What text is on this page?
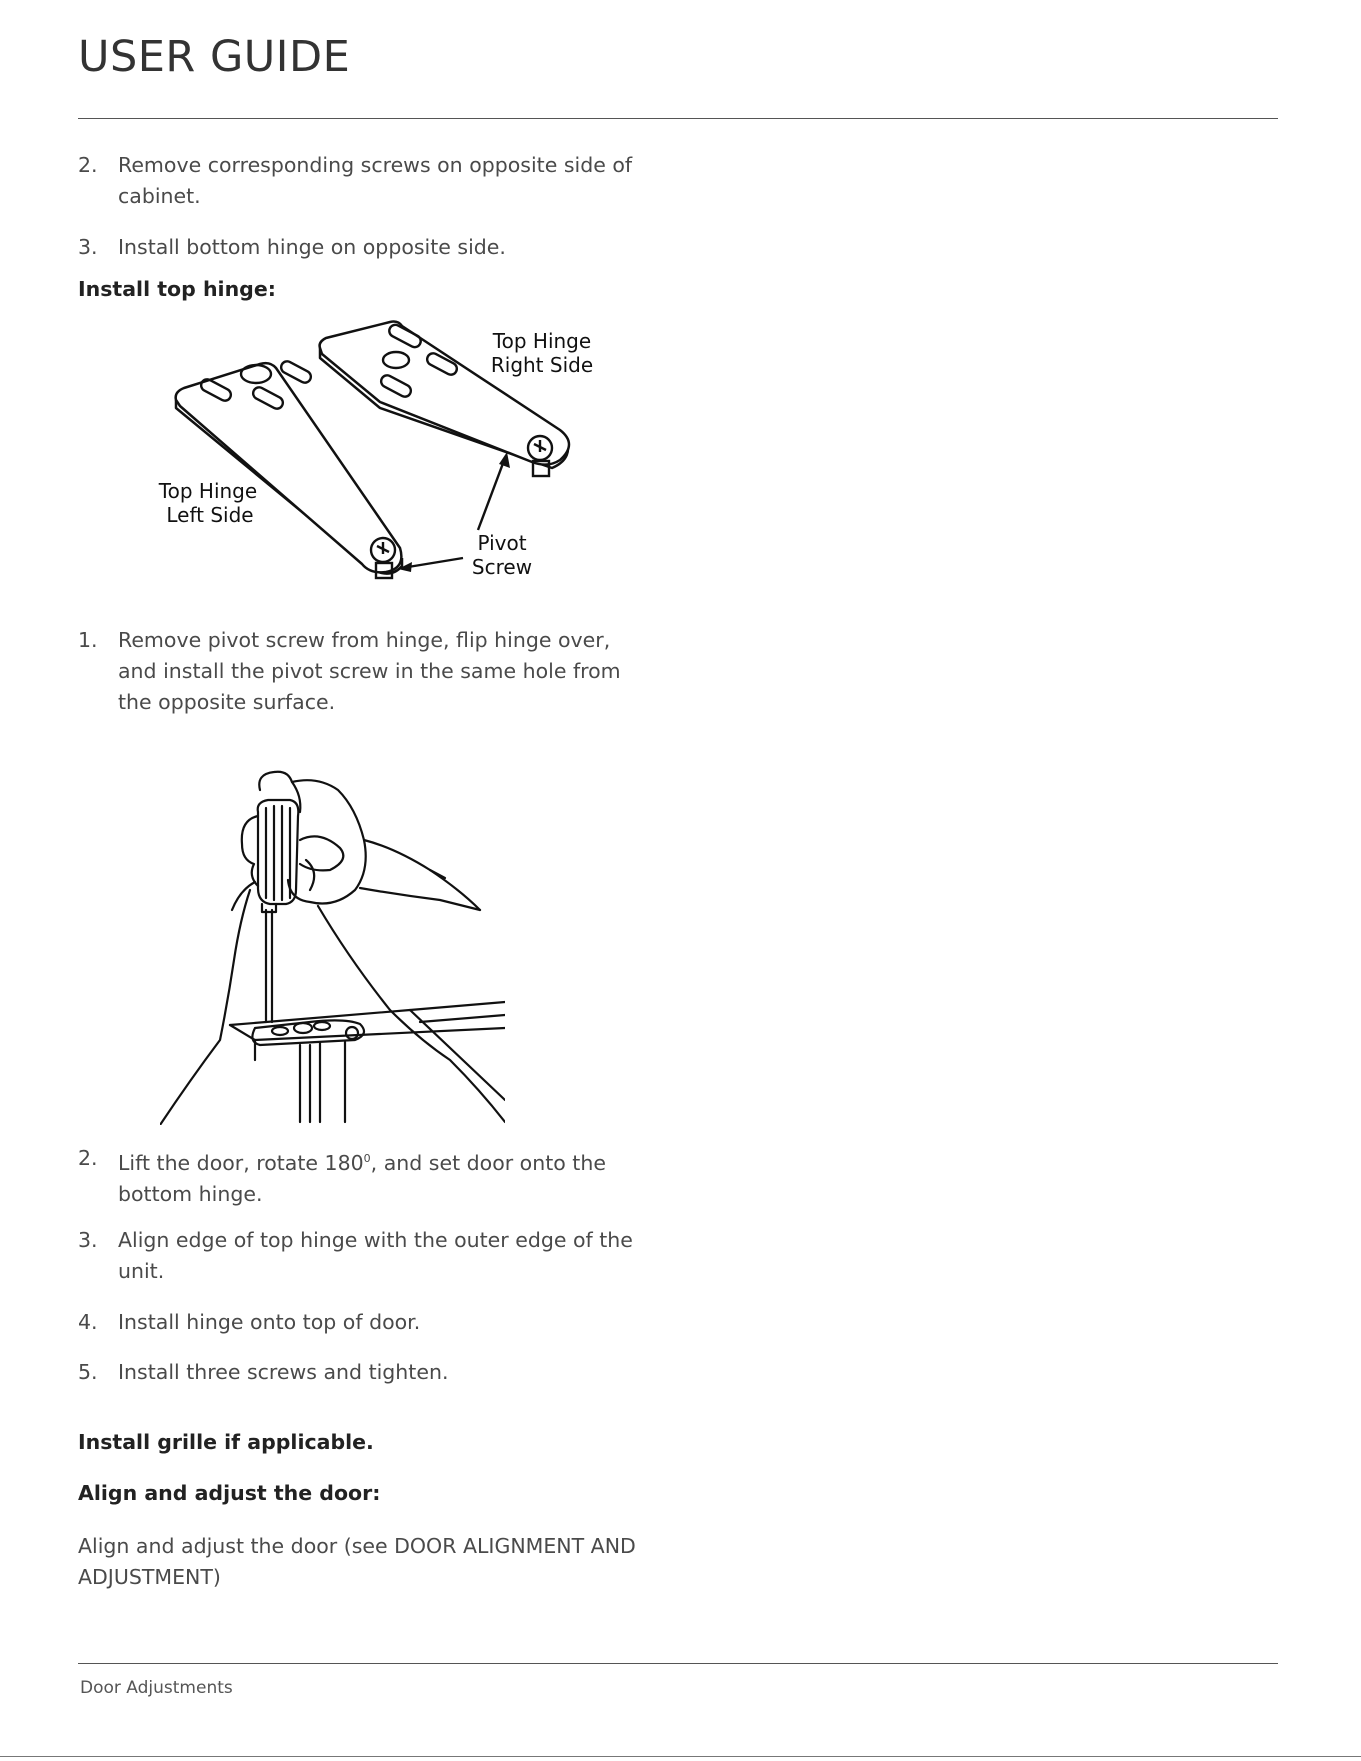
USER GUIDE
2. Remove corresponding screws on opposite side of cabinet.
3. Install bottom hinge on opposite side.
Install top hinge:
Top Hinge
Right Side
Top Hinge
Left Side
Pivot
Screw
1. Remove pivot screw from hinge, flip hinge over, and install the pivot screw in the same hole from the opposite surface.
2. Lift the door, rotate $180^0$, and set door onto the bottom hinge.
3. Align edge of top hinge with the outer edge of the unit.
4. Install hinge onto top of door.
5. Install three screws and tighten.
Install grille if applicable.
Align and adjust the door:

Align and adjust the door (see DOOR ALIGNMENT AND ADJUSTMENT)

Door Adjustments
